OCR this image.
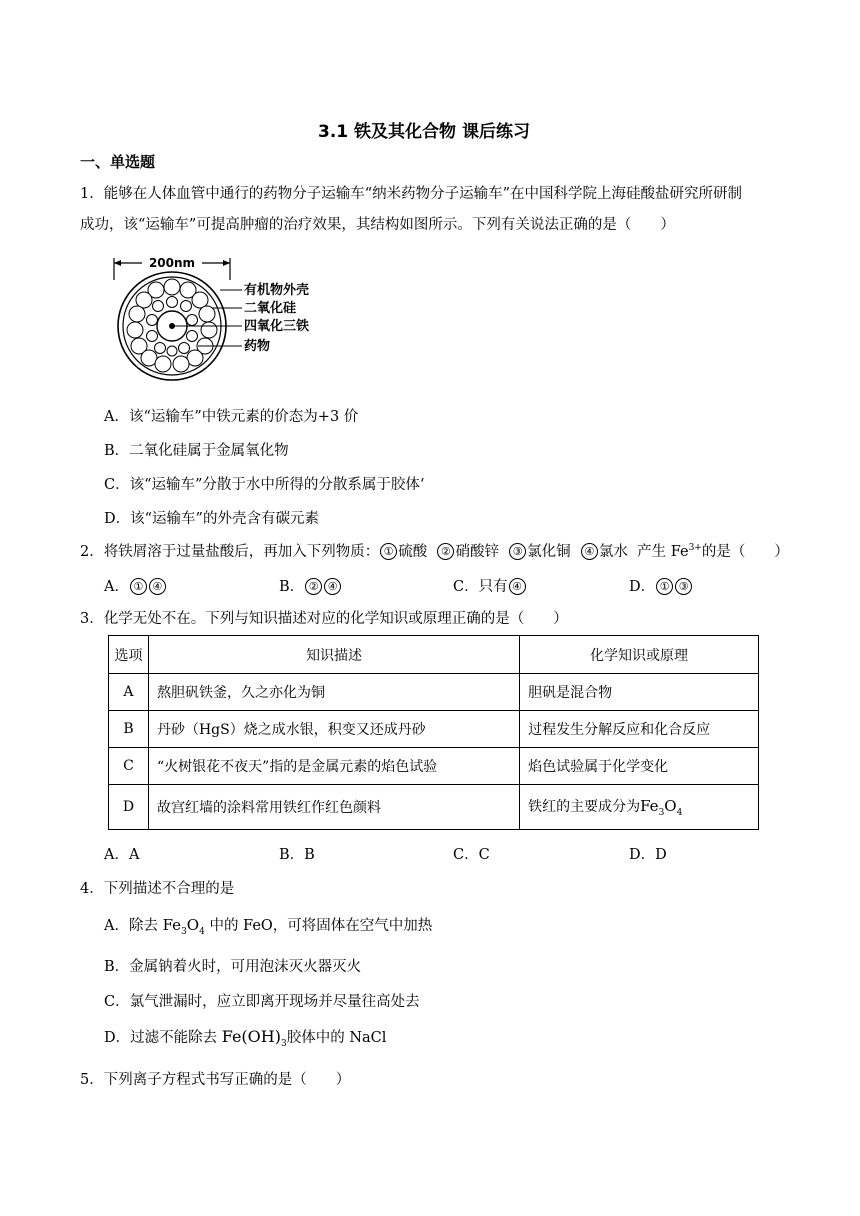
3.1 铁及其化合物 课后练习
一、单选题
1．能够在人体血管中通行的药物分子运输车“纳米药物分子运输车”在中国科学院上海硅酸盐研究所研制
成功，该“运输车”可提高肿瘤的治疗效果，其结构如图所示。下列有关说法正确的是（　　）
200nm
有机物外壳
二氧化硅
四氧化三铁
药物
A．该“运输车”中铁元素的价态为+3 价
B．二氧化硅属于金属氧化物
C．该“运输车”分散于水中所得的分散系属于胶体‘
D．该“运输车”的外壳含有碳元素
2．将铁屑溶于过量盐酸后，再加入下列物质： ① 硫酸 ② 硝酸锌 ③ 氯化铜 ④ 氯水 产生 $Fe^{3+}$的是（　　）
A． ① ④	B． ② ④	C．只有 ④	D． ① ③
3．化学无处不在。下列与知识描述对应的化学知识或原理正确的是（　　）
选项	知识描述	化学知识或原理
A	熬胆矾铁釜，久之亦化为铜	胆矾是混合物
B	丹砂（HgS）烧之成水银，积变又还成丹砂	过程发生分解反应和化合反应
C	“火树银花不夜天”指的是金属元素的焰色试验	焰色试验属于化学变化
D	故宫红墙的涂料常用铁红作红色颜料	铁红的主要成分为$Fe_3O_4$
A．A	B．B	C．C	D．D
4．下列描述不合理的是
A．除去 $Fe_3O_4$ 中的 FeO，可将固体在空气中加热
B．金属钠着火时，可用泡沫灭火器灭火
C．氯气泄漏时，应立即离开现场并尽量往高处去
D．过滤不能除去 $Fe(OH)_3$胶体中的 NaCl
5．下列离子方程式书写正确的是（　　）
